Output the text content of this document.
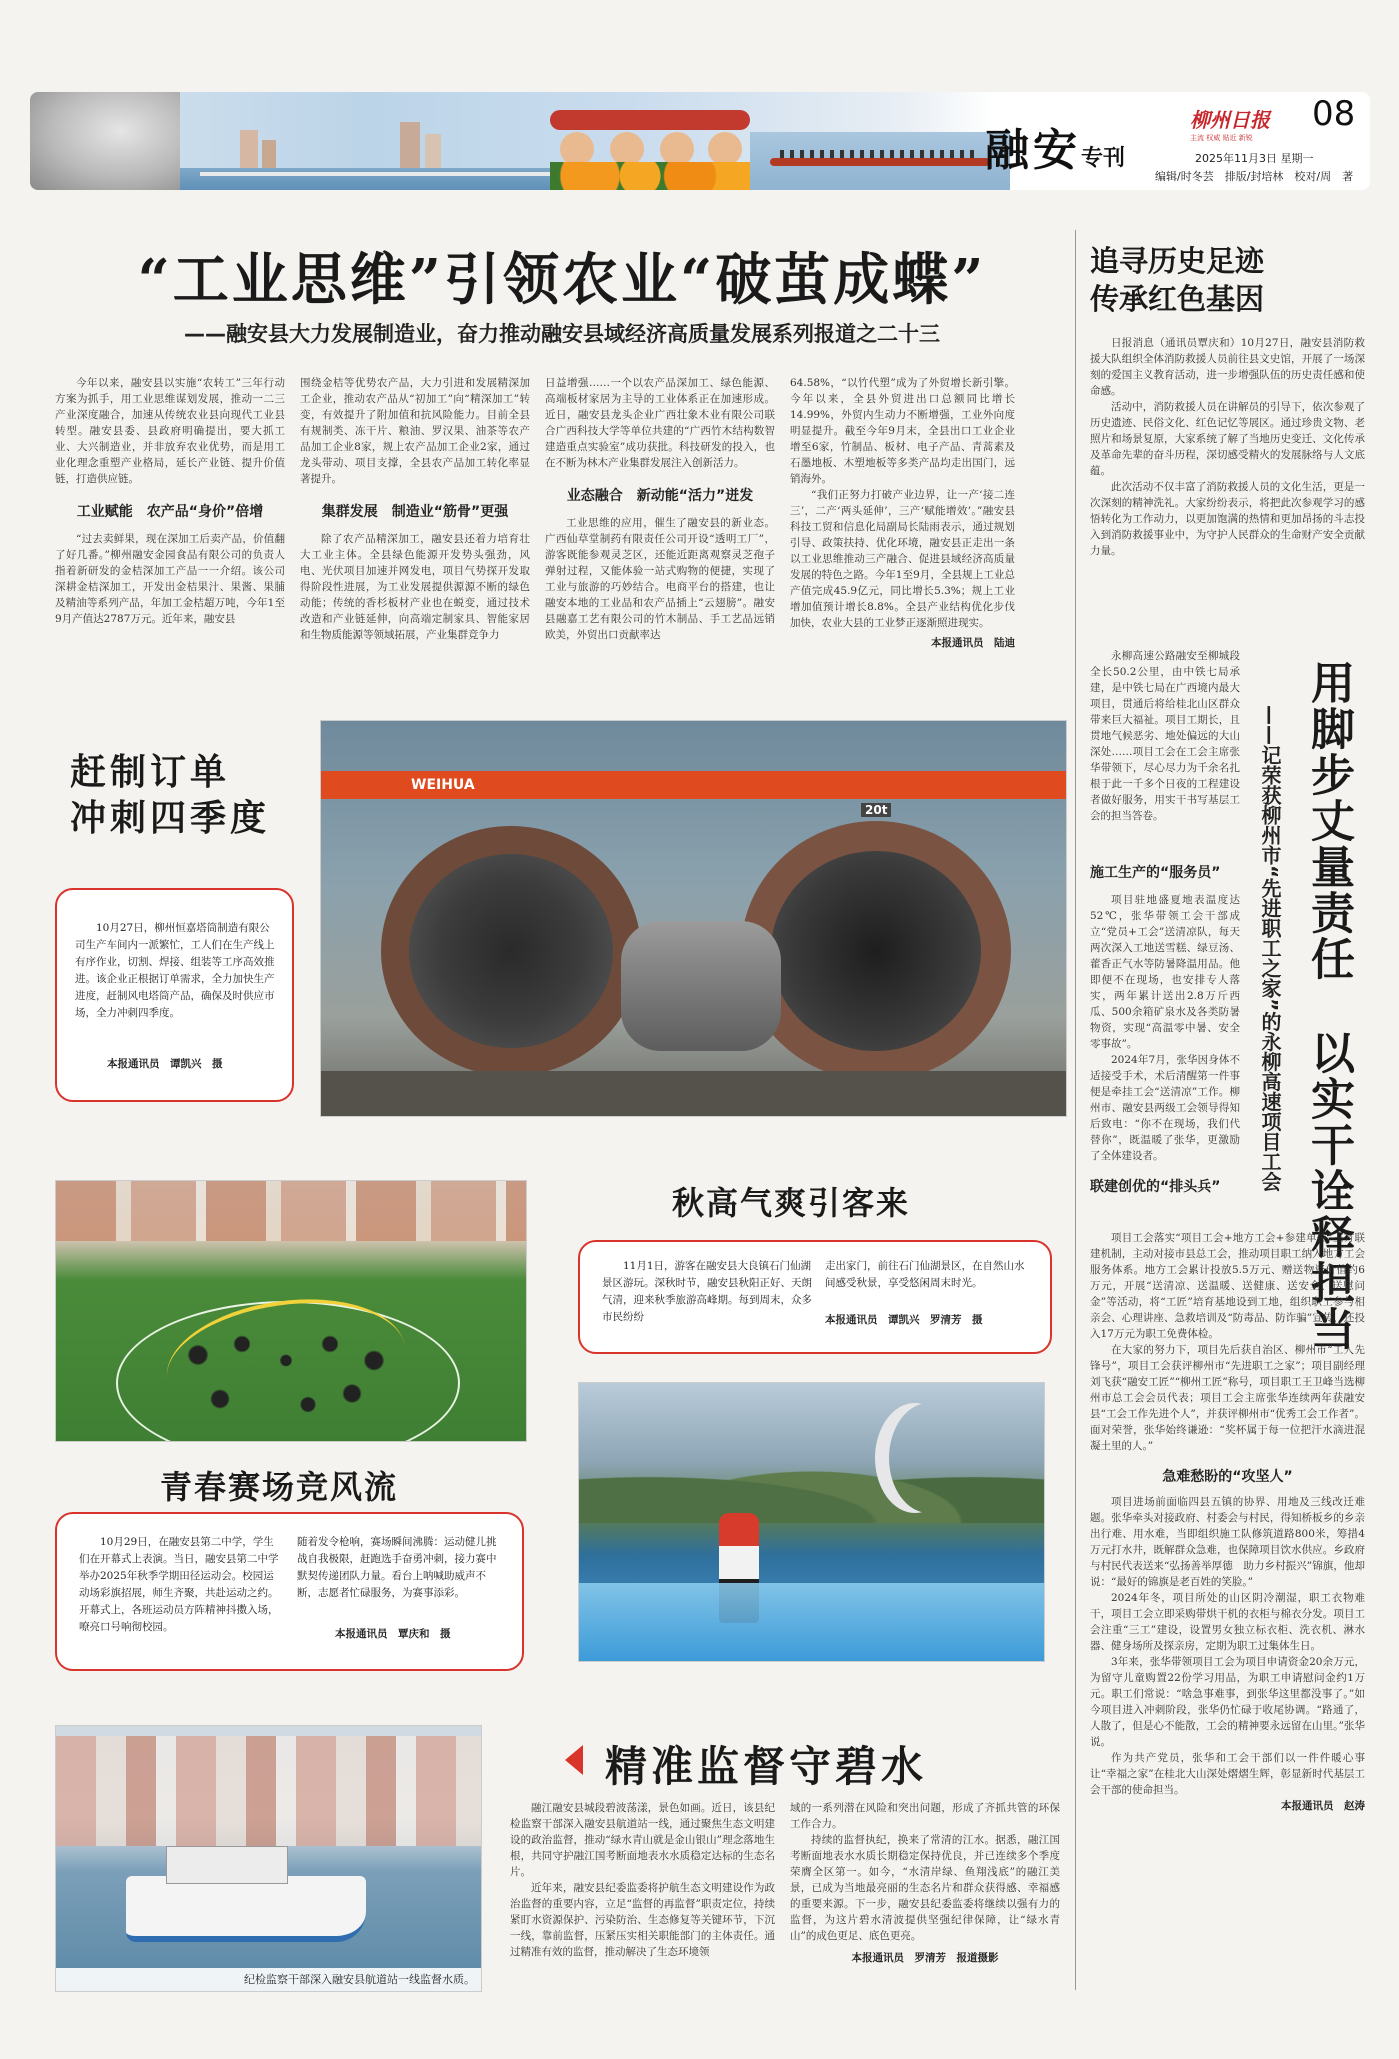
融安专刊
柳州日报
主流 权威 贴近 新锐
08
2025年11月3日 星期一
编辑/时冬芸　排版/封培林　校对/周　著
“工业思维”引领农业“破茧成蝶”
——融安县大力发展制造业，奋力推动融安县域经济高质量发展系列报道之二十三

今年以来，融安县以实施“农转工”三年行动方案为抓手，用工业思维谋划发展，推动一二三产业深度融合，加速从传统农业县向现代工业县转型。融安县委、县政府明确提出，要大抓工业、大兴制造业，并非放弃农业优势，而是用工业化理念重塑产业格局，延长产业链、提升价值链，打造供应链。

工业赋能　农产品“身价”倍增

“过去卖鲜果，现在深加工后卖产品，价值翻了好几番。”柳州融安金园食品有限公司的负责人指着新研发的金桔深加工产品一一介绍。该公司深耕金桔深加工，开发出金桔果汁、果酱、果脯及精油等系列产品，年加工金桔超万吨，今年1至9月产值达2787万元。近年来，融安县

围绕金桔等优势农产品，大力引进和发展精深加工企业，推动农产品从“初加工”向“精深加工”转变，有效提升了附加值和抗风险能力。目前全县有规制类、冻干片、粮油、罗汉果、油茶等农产品加工企业8家，规上农产品加工企业2家，通过龙头带动、项目支撑，全县农产品加工转化率显著提升。

集群发展　制造业“筋骨”更强

除了农产品精深加工，融安县还着力培育壮大工业主体。全县绿色能源开发势头强劲，风电、光伏项目加速并网发电，项目气势探开发取得阶段性进展，为工业发展提供源源不断的绿色动能；传统的香杉板材产业也在蜕变，通过技术改造和产业链延伸，向高端定制家具、智能家居和生物质能源等领域拓展，产业集群竞争力

日益增强……一个以农产品深加工、绿色能源、高端板材家居为主导的工业体系正在加速形成。近日，融安县龙头企业广西壮象木业有限公司联合广西科技大学等单位共建的“广西竹木结构数智建造重点实验室”成功获批。科技研发的投入，也在不断为林木产业集群发展注入创新活力。

业态融合　新动能“活力”迸发

工业思维的应用，催生了融安县的新业态。广西仙草堂制药有限责任公司开设“透明工厂”，游客既能参观灵芝区，还能近距离观察灵芝孢子弹射过程，又能体验一站式购物的便捷，实现了工业与旅游的巧妙结合。电商平台的搭建，也让融安本地的工业品和农产品插上“云翅膀”。融安县融嘉工艺有限公司的竹木制品、手工艺品远销欧美，外贸出口贡献率达

64.58%，“以竹代塑”成为了外贸增长新引擎。今年以来，全县外贸进出口总额同比增长14.99%，外贸内生动力不断增强，工业外向度明显提升。截至今年9月末，全县出口工业企业增至6家，竹制品、板材、电子产品、青蒿素及石墨地板、木塑地板等多类产品均走出国门，远销海外。

“我们正努力打破产业边界，让一产‘接二连三’，二产‘两头延伸’，三产‘赋能增效’。”融安县科技工贸和信息化局副局长陆雨表示，通过规划引导、政策扶持、优化环境，融安县正走出一条以工业思维推动三产融合、促进县域经济高质量发展的特色之路。今年1至9月，全县规上工业总产值完成45.9亿元，同比增长5.3%；规上工业增加值预计增长8.8%。全县产业结构优化步伐加快，农业大县的工业梦正逐渐照进现实。

本报通讯员　陆迪
追寻历史足迹
传承红色基因

日报消息（通讯员覃庆和）10月27日，融安县消防救援大队组织全体消防救援人员前往县文史馆，开展了一场深刻的爱国主义教育活动，进一步增强队伍的历史责任感和使命感。

活动中，消防救援人员在讲解员的引导下，依次参观了历史遗迹、民俗文化、红色记忆等展区。通过珍贵文物、老照片和场景复原，大家系统了解了当地历史变迁、文化传承及革命先辈的奋斗历程，深切感受精火的发展脉络与人文底蕴。

此次活动不仅丰富了消防救援人员的文化生活，更是一次深刻的精神洗礼。大家纷纷表示，将把此次参观学习的感悟转化为工作动力，以更加饱满的热情和更加昂扬的斗志投入到消防救援事业中，为守护人民群众的生命财产安全贡献力量。

永柳高速公路融安至柳城段全长50.2公里，由中铁七局承建，是中铁七局在广西境内最大项目，贯通后将给桂北山区群众带来巨大福祉。项目工期长，且贯地气候恶劣、地处偏远的大山深处……项目工会在工会主席张华带领下，尽心尽力为千余名扎根于此一千多个日夜的工程建设者做好服务，用实干书写基层工会的担当答卷。	用脚步丈量责任
以实干诠释担当
——记荣获柳州市“先进职工之家”的永柳高速项目工会
施工生产的“服务员”

项目驻地盛夏地表温度达52℃，张华带领工会干部成立“党员+工会”送清凉队，每天两次深入工地送雪糕、绿豆汤、藿香正气水等防暑降温用品。他即便不在现场，也安排专人落实，两年累计送出2.8万斤西瓜、500余箱矿泉水及各类防暑物资，实现“高温零中暑、安全零事故”。

2024年7月，张华因身体不适接受手术，术后清醒第一件事便是牵挂工会“送清凉”工作。柳州市、融安县两级工会领导得知后致电：“你不在现场，我们代替你”，既温暖了张华，更激励了全体建设者。

联建创优的“排头兵”

项目工会落实“项目工会+地方工会+参建单位”三方联建机制，主动对接市县总工会，推动项目职工纳入地方工会服务体系。地方工会累计投放5.5万元、赠送物资价值约6万元，开展“送清凉、送温暖、送健康、送安全、送慰问金”等活动，将“工匠”培育基地设到工地，组织职工参与相亲会、心理讲座、急救培训及“防毒品、防诈骗”宣传，还投入17万元为职工免费体检。

在大家的努力下，项目先后获自治区、柳州市“工人先锋号”，项目工会获评柳州市“先进职工之家”；项目副经理刘飞获“融安工匠”“柳州工匠”称号，项目职工王卫峰当选柳州市总工会会员代表；项目工会主席张华连续两年获融安县“工会工作先进个人”，并获评柳州市“优秀工会工作者”。面对荣誉，张华始终谦逊：“奖杯属于每一位把汗水滴进混凝土里的人。”

急难愁盼的“攻坚人”

项目进场前面临四县五镇的协界、用地及三线改迁难题。张华牵头对接政府、村委会与村民，得知桥板乡的乡亲出行难、用水难，当即组织施工队修筑道路800米，筹措4万元打水井，既解群众急难，也保障项目饮水供应。乡政府与村民代表送来“弘扬善举厚德　助力乡村振兴”锦旗，他却说：“最好的锦旗是老百姓的笑脸。”

2024年冬，项目所处的山区阴冷潮湿，职工衣物难干，项目工会立即采购带烘干机的衣柜与棉衣分发。项目工会注重“三工”建设，设置男女独立标衣柜、洗衣机、淋水器、健身场所及探亲房，定期为职工过集体生日。

3年来，张华带领项目工会为项目申请资金20余万元，为留守儿童购置22份学习用品，为职工申请慰问金约1万元。职工们常说：“啥急事难事，到张华这里都没事了。”如今项目进入冲刺阶段，张华仍忙碌于收尾协调。“路通了，人散了，但是心不能散，工会的精神要永远留在山里。”张华说。

作为共产党员，张华和工会干部们以一件件暖心事让“幸福之家”在桂北大山深处熠熠生辉，彰显新时代基层工会干部的使命担当。

本报通讯员　赵涛
赶制订单
冲刺四季度
WEIHUA
20t

10月27日，柳州恒嘉塔筒制造有限公司生产车间内一派繁忙，工人们在生产线上有序作业，切割、焊接、组装等工序高效推进。该企业正根据订单需求，全力加快生产进度，赶制风电塔筒产品，确保及时供应市场，全力冲刺四季度。

本报通讯员　谭凯兴　摄
青春赛场竞风流

10月29日，在融安县第二中学，学生们在开幕式上表演。当日，融安县第二中学举办2025年秋季学期田径运动会。校园运动场彩旗招展，师生齐聚，共赴运动之约。开幕式上，各班运动员方阵精神抖擞入场，嘹亮口号响彻校园。

随着发令枪响，赛场瞬间沸腾：运动健儿挑战自我极限，赶跑选手奋勇冲刺，接力赛中默契传递团队力量。看台上呐喊助威声不断，志愿者忙碌服务，为赛事添彩。

本报通讯员　覃庆和　摄
秋高气爽引客来

11月1日，游客在融安县大良镇石门仙湖景区游玩。深秋时节，融安县秋阳正好、天朗气清，迎来秋季旅游高峰期。每到周末，众多市民纷纷

走出家门，前往石门仙湖景区，在自然山水间感受秋景，享受悠闲周末时光。

本报通讯员　谭凯兴　罗清芳　摄
纪检监察干部深入融安县航道站一线监督水质。
精准监督守碧水

融江融安县城段碧波荡漾，景色如画。近日，该县纪检监察干部深入融安县航道站一线，通过聚焦生态文明建设的政治监督，推动“绿水青山就是金山银山”理念落地生根，共同守护融江国考断面地表水水质稳定达标的生态名片。

近年来，融安县纪委监委将护航生态文明建设作为政治监督的重要内容，立足“监督的再监督”职责定位，持续紧盯水资源保护、污染防治、生态修复等关键环节，下沉一线，靠前监督，压紧压实相关职能部门的主体责任。通过精准有效的监督，推动解决了生态环境领

域的一系列潜在风险和突出问题，形成了齐抓共管的环保工作合力。

持续的监督执纪，换来了常清的江水。据悉，融江国考断面地表水水质长期稳定保持优良，并已连续多个季度荣膺全区第一。如今，“水清岸绿、鱼翔浅底”的融江美景，已成为当地最亮丽的生态名片和群众获得感、幸福感的重要来源。下一步，融安县纪委监委将继续以强有力的监督，为这片碧水清波提供坚强纪律保障，让“绿水青山”的成色更足、底色更亮。

本报通讯员　罗清芳　报道摄影
